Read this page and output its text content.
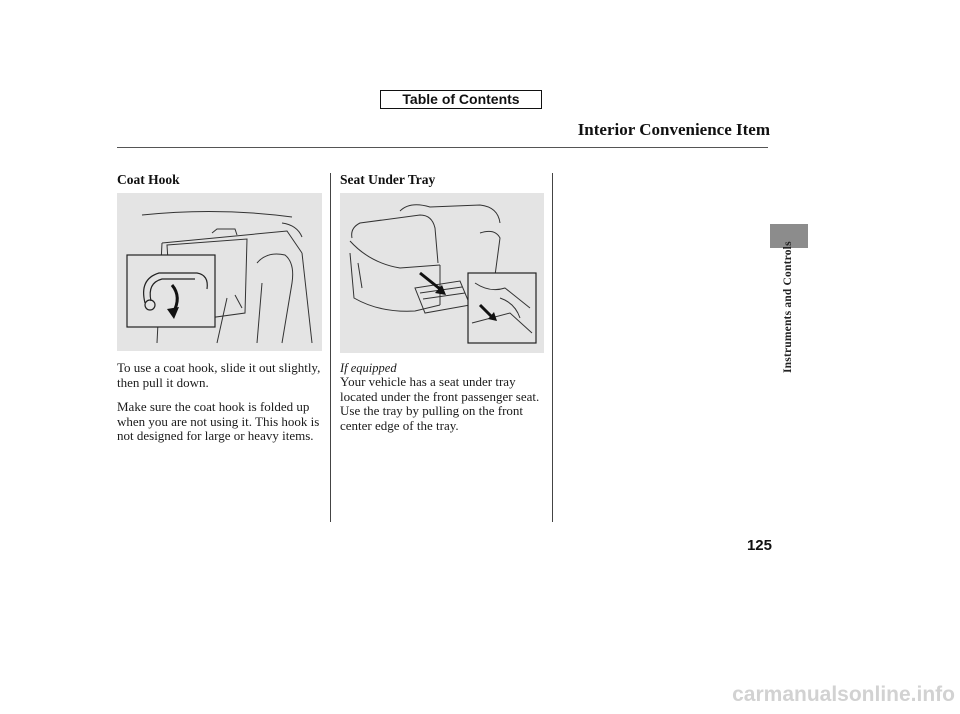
Table of Contents
Interior Convenience Item
Coat Hook

To use a coat hook, slide it out slightly, then pull it down.

Make sure the coat hook is folded up when you are not using it. This hook is not designed for large or heavy items.

Seat Under Tray
If equipped

Your vehicle has a seat under tray located under the front passenger seat. Use the tray by pulling on the front center edge of the tray.

Instruments and Controls
125
carmanualsonline.info
